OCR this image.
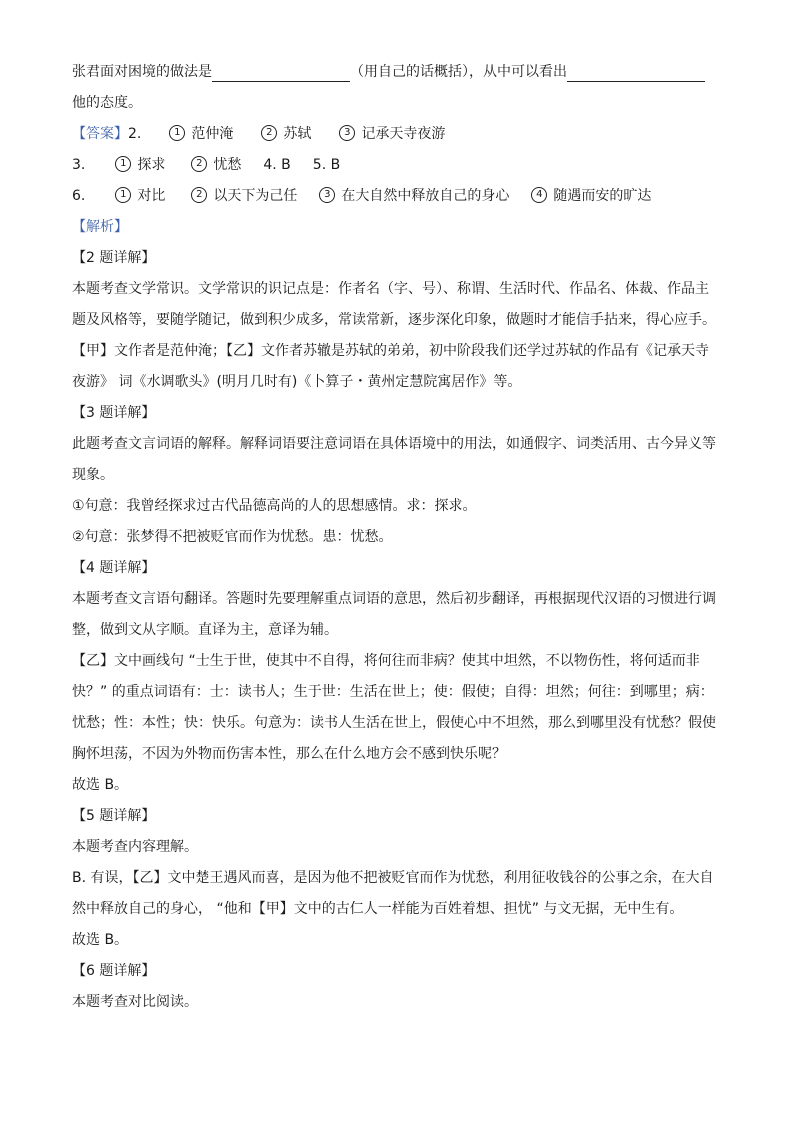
张君面对困境的做法是	（用自己的话概括），从中可以看出
他的态度。
【答案】2.	1 范仲淹	2 苏轼	3 记承天寺夜游
3.	1 探求	2 忧愁 4. B 5. B
6.	1 对比	2 以天下为己任	3 在大自然中释放自己的身心	4 随遇而安的旷达
【解析】
【2 题详解】
本题考查文学常识。文学常识的识记点是：作者名（字、号）、称谓、生活时代、作品名、体裁、作品主
题及风格等，要随学随记，做到积少成多，常读常新，逐步深化印象，做题时才能信手拈来，得心应手。
【甲】文作者是范仲淹；【乙】文作者苏辙是苏轼的弟弟，初中阶段我们还学过苏轼的作品有《记承天寺
夜游》 词《水调歌头》(明月几时有)《卜算子・黄州定慧院寓居作》等。
【3 题详解】
此题考查文言词语的解释。解释词语要注意词语在具体语境中的用法，如通假字、词类活用、古今异义等
现象。
①句意：我曾经探求过古代品德高尚的人的思想感情。求：探求。
②句意：张梦得不把被贬官而作为忧愁。患：忧愁。
【4 题详解】
本题考查文言语句翻译。答题时先要理解重点词语的意思，然后初步翻译，再根据现代汉语的习惯进行调
整，做到文从字顺。直译为主，意译为辅。
【乙】文中画线句 “士生于世，使其中不自得，将何往而非病？使其中坦然，不以物伤性，将何适而非
快？” 的重点词语有：士：读书人；生于世：生活在世上；使：假使；自得：坦然；何往：到哪里；病：
忧愁；性：本性；快：快乐。句意为：读书人生活在世上，假使心中不坦然，那么到哪里没有忧愁？假使
胸怀坦荡，不因为外物而伤害本性，那么在什么地方会不感到快乐呢？
故选 B。
【5 题详解】
本题考查内容理解。
B. 有误，【乙】文中楚王遇风而喜，是因为他不把被贬官而作为忧愁，利用征收钱谷的公事之余，在大自
然中释放自己的身心， “他和【甲】文中的古仁人一样能为百姓着想、担忧” 与文无据，无中生有。
故选 B。
【6 题详解】
本题考查对比阅读。
